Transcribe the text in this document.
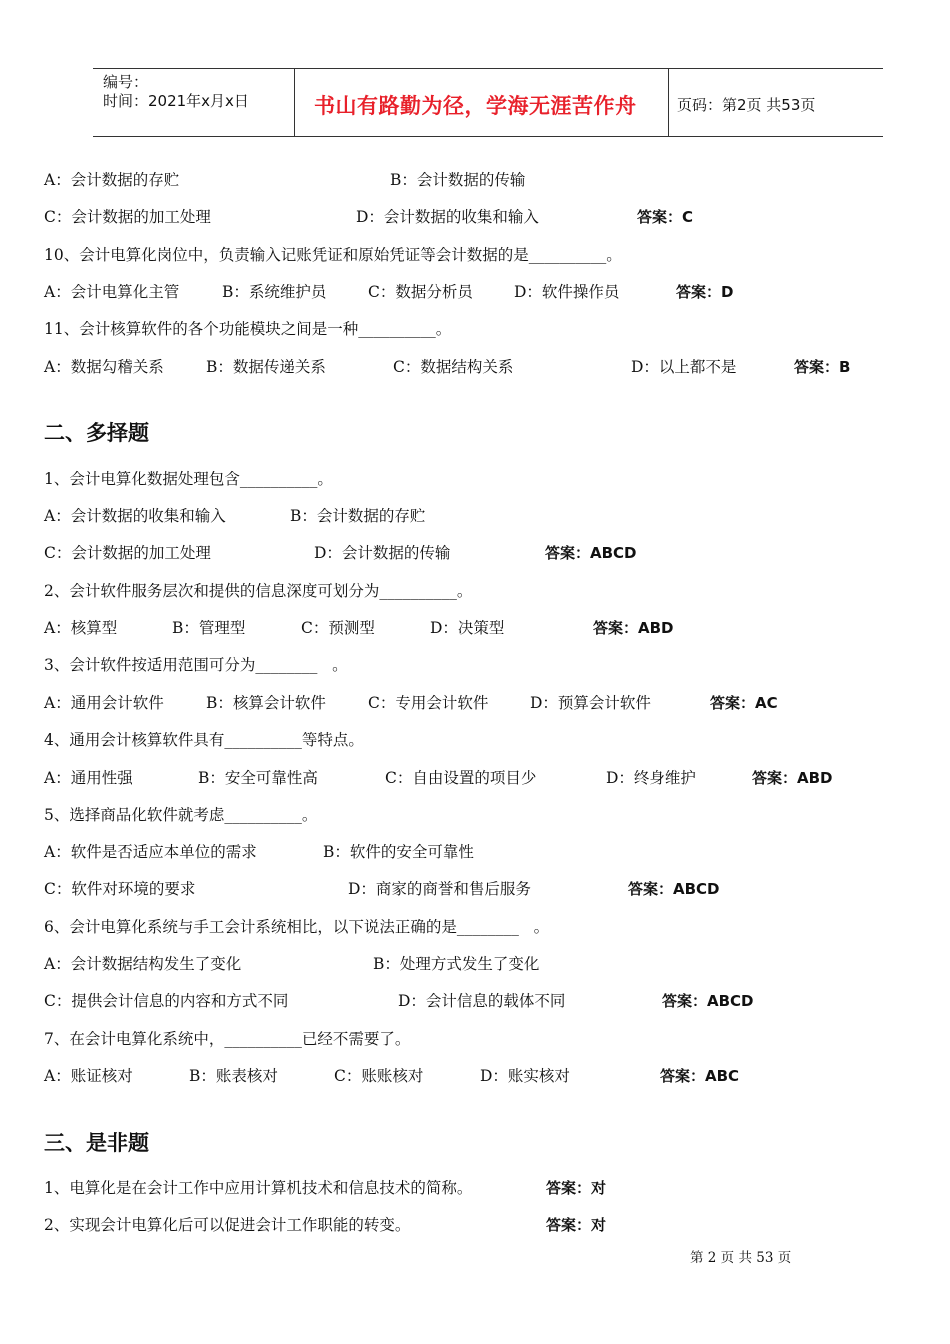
编号：
时间：2021年x月x日	书山有路勤为径，学海无涯苦作舟	页码：第2页 共53页
A：会计数据的存贮	B：会计数据的传输
C：会计数据的加工处理	D：会计数据的收集和输入	答案：C
10、会计电算化岗位中，负责输入记账凭证和原始凭证等会计数据的是__________。
A：会计电算化主管	B：系统维护员	C：数据分析员	D：软件操作员	答案：D
11、会计核算软件的各个功能模块之间是一种__________。
A：数据勾稽关系	B：数据传递关系	C：数据结构关系	D：以上都不是	答案：B
二、多择题
1、会计电算化数据处理包含__________。
A：会计数据的收集和输入	B：会计数据的存贮
C：会计数据的加工处理	D：会计数据的传输	答案：ABCD
2、会计软件服务层次和提供的信息深度可划分为__________。
A：核算型	B：管理型	C：预测型	D：决策型	答案：ABD
3、会计软件按适用范围可分为________   。
A：通用会计软件	B：核算会计软件	C：专用会计软件	D：预算会计软件	答案：AC
4、通用会计核算软件具有__________等特点。
A：通用性强	B：安全可靠性高	C：自由设置的项目少	D：终身维护	答案：ABD
5、选择商品化软件就考虑__________。
A：软件是否适应本单位的需求	B：软件的安全可靠性
C：软件对环境的要求	D：商家的商誉和售后服务	答案：ABCD
6、会计电算化系统与手工会计系统相比，以下说法正确的是________   。
A：会计数据结构发生了变化	B：处理方式发生了变化
C：提供会计信息的内容和方式不同	D：会计信息的载体不同	答案：ABCD
7、在会计电算化系统中，__________已经不需要了。
A：账证核对	B：账表核对	C：账账核对	D：账实核对	答案：ABC
三、是非题
1、电算化是在会计工作中应用计算机技术和信息技术的简称。	答案：对
2、实现会计电算化后可以促进会计工作职能的转变。	答案：对
第 2 页 共 53 页
